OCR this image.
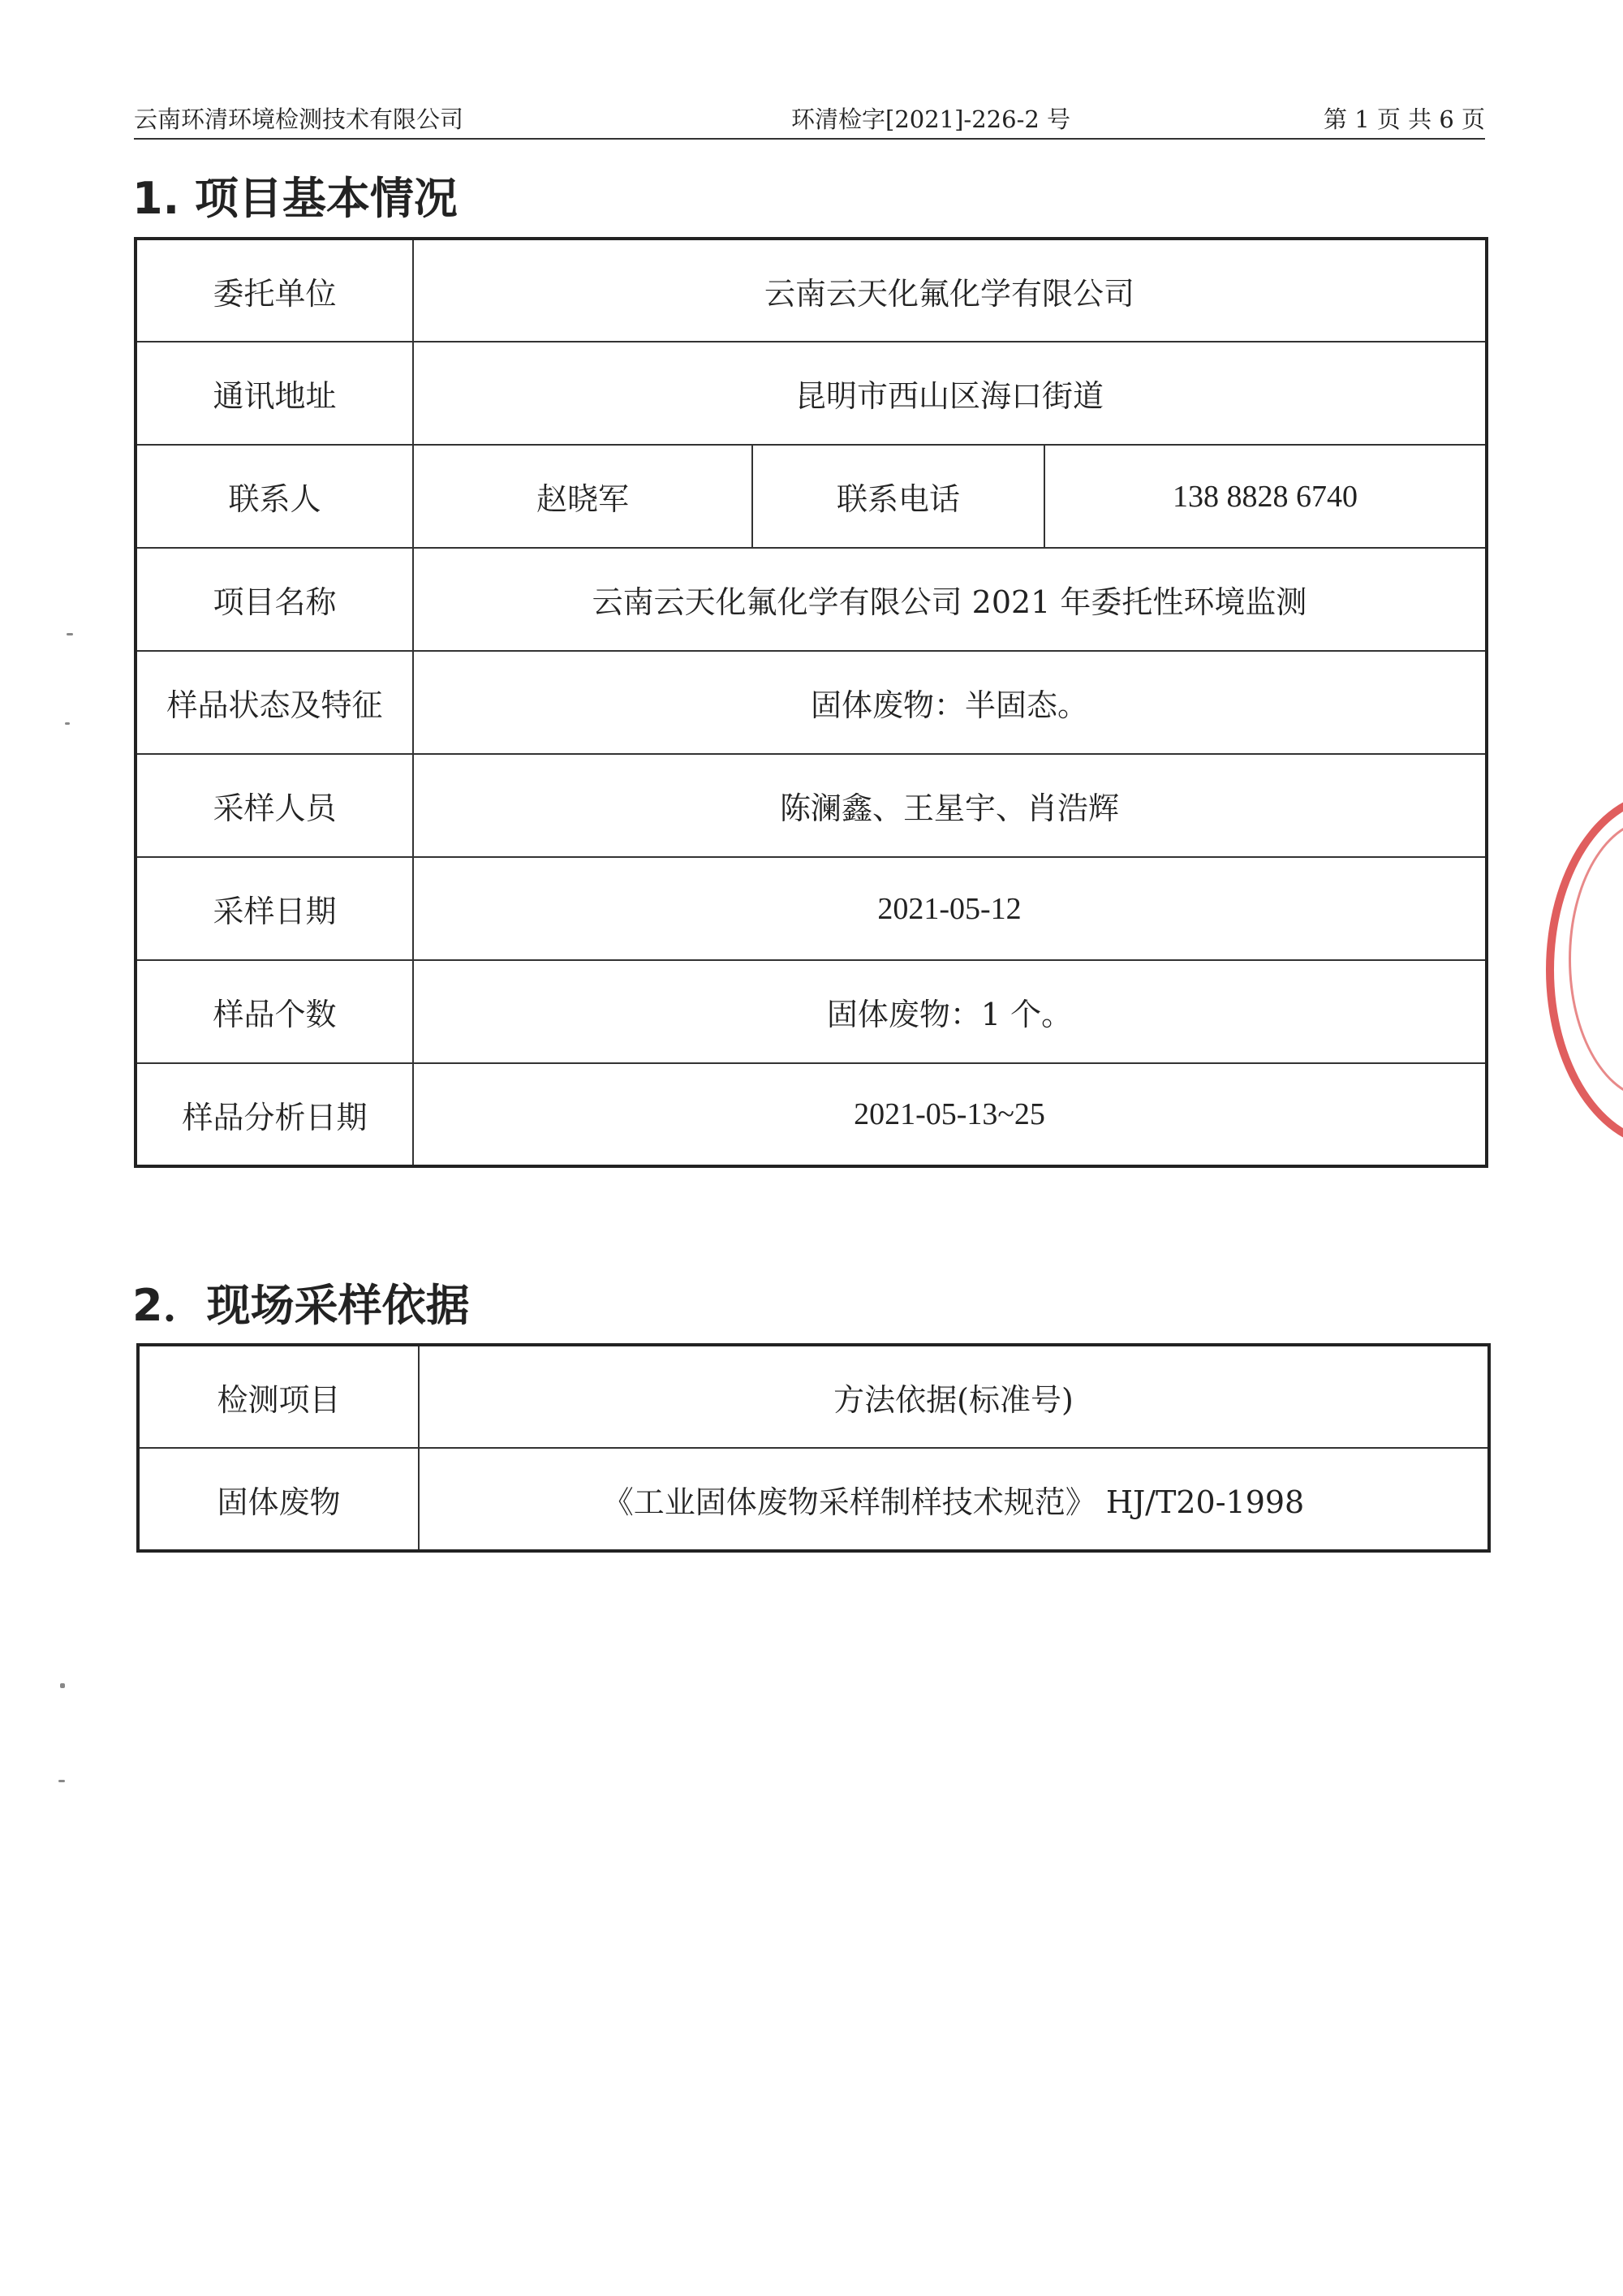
云南环清环境检测技术有限公司	环清检字[2021]-226-2 号	第 1 页 共 6 页
1. 项目基本情况
委托单位	云南云天化氟化学有限公司		
通讯地址	昆明市西山区海口街道		
联系人	赵晓军	联系电话	138 8828 6740
项目名称	云南云天化氟化学有限公司 2021 年委托性环境监测		
样品状态及特征	固体废物：半固态。		
采样人员	陈澜鑫、王星宇、肖浩辉		
采样日期	2021-05-12		
样品个数	固体废物：1 个。		
样品分析日期	2021-05-13~25		
2．现场采样依据
检测项目	方法依据(标准号)
固体废物	《工业固体废物采样制样技术规范》 HJ/T20-1998
